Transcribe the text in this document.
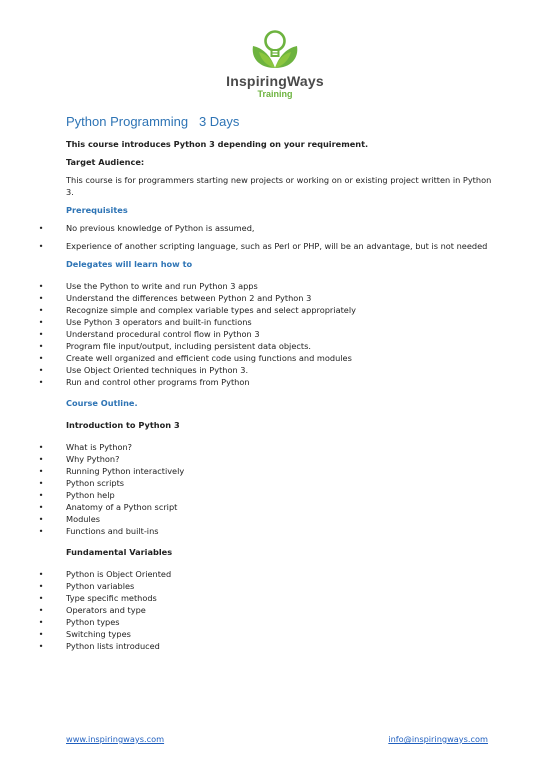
InspiringWays
Training
Python Programming   3 Days

This course introduces Python 3 depending on your requirement.

Target Audience:

This course is for programmers starting new projects or working on or existing project written in Python 3.

Prerequisites
•	No previous knowledge of Python is assumed,
•	Experience of another scripting language, such as Perl or PHP, will be an advantage, but is not needed
Delegates will learn how to
•	Use the Python to write and run Python 3 apps
•	Understand the differences between Python 2 and Python 3
•	Recognize simple and complex variable types and select appropriately
•	Use Python 3 operators and built-in functions
•	Understand procedural control flow in Python 3
•	Program file input/output, including persistent data objects.
•	Create well organized and efficient code using functions and modules
•	Use Object Oriented techniques in Python 3.
•	Run and control other programs from Python
Course Outline.

Introduction to Python 3

•	What is Python?
•	Why Python?
•	Running Python interactively
•	Python scripts
•	Python help
•	Anatomy of a Python script
•	Modules
•	Functions and built-ins

Fundamental Variables

•	Python is Object Oriented
•	Python variables
•	Type specific methods
•	Operators and type
•	Python types
•	Switching types
•	Python lists introduced
www.inspiringways.com	info@inspiringways.com
